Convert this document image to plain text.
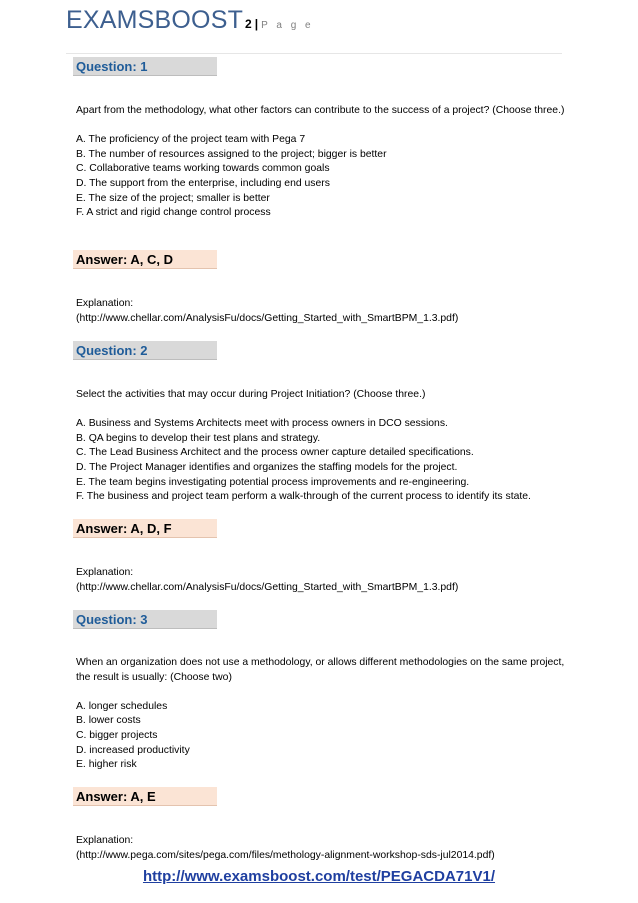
EXAMSBOOST 2 | P a g e
Question: 1

Apart from the methodology, what other factors can contribute to the success of a project? (Choose three.)

A. The proficiency of the project team with Pega 7

B. The number of resources assigned to the project; bigger is better

C. Collaborative teams working towards common goals

D. The support from the enterprise, including end users

E. The size of the project; smaller is better

F. A strict and rigid change control process

Answer: A, C, D

Explanation:

(http://www.chellar.com/AnalysisFu/docs/Getting_Started_with_SmartBPM_1.3.pdf)

Question: 2

Select the activities that may occur during Project Initiation? (Choose three.)

A. Business and Systems Architects meet with process owners in DCO sessions.

B. QA begins to develop their test plans and strategy.

C. The Lead Business Architect and the process owner capture detailed specifications.

D. The Project Manager identifies and organizes the staffing models for the project.

E. The team begins investigating potential process improvements and re-engineering.

F. The business and project team perform a walk-through of the current process to identify its state.

Answer: A, D, F

Explanation:

(http://www.chellar.com/AnalysisFu/docs/Getting_Started_with_SmartBPM_1.3.pdf)

Question: 3

When an organization does not use a methodology, or allows different methodologies on the same project, the result is usually: (Choose two)

A. longer schedules

B. lower costs

C. bigger projects

D. increased productivity

E. higher risk

Answer: A, E

Explanation:

(http://www.pega.com/sites/pega.com/files/methology-alignment-workshop-sds-jul2014.pdf)

http://www.examsboost.com/test/PEGACDA71V1/
